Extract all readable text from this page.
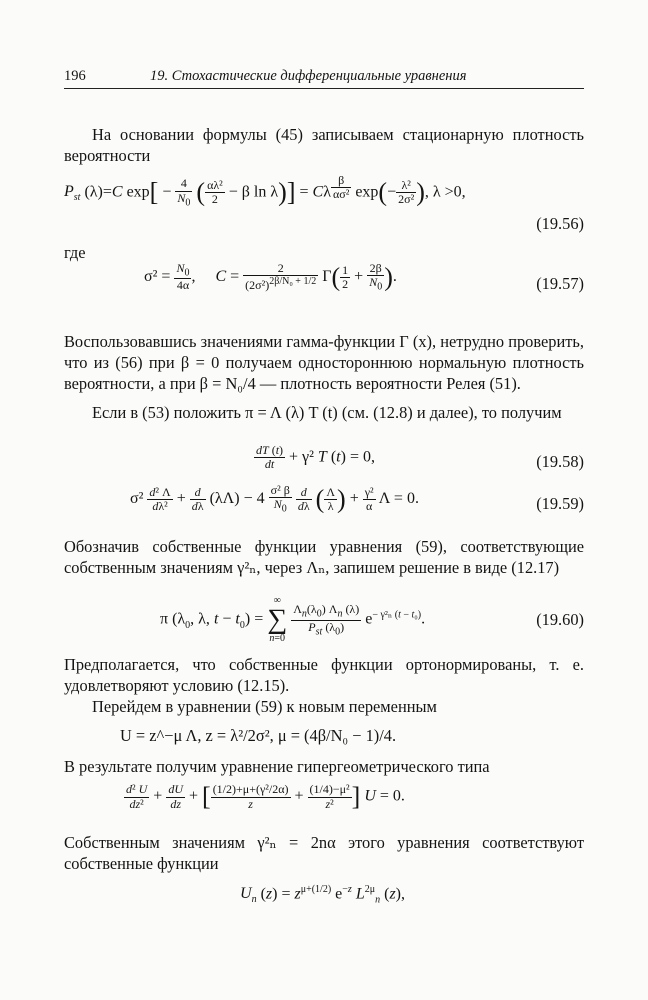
196	19. Стохастические дифференциальные уравнения

На основании формулы (45) записываем стационарную плотность вероятности

$P_{st}$ (λ)=C $\exp[ - \frac{4}{N_0}$ ( $\frac{\text{αλ²}}{2} - \beta$ ln λ)] = Cλ $^{\frac{\beta}{\text{ασ²}}}$ $\exp(- \frac{\text{λ²}}{\text{2σ²}}$ ), λ >0,
(19.56)

где

$\sigma^2 = \frac{N_0}{4\alpha}$ ,     $C = \frac{2}{(2\sigma^2)^{2\beta/N_0 + 1/2}} \Gamma( \frac{1}{2} + \frac{2\beta}{N_0}$ ).	(19.57)

Воспользовавшись значениями гамма-функции Γ (x), нетрудно проверить, что из (56) при β = 0 получаем одностороннюю нормальную плотность вероятности, а при β = N₀/4 — плотность вероятности Релея (51).

Если в (53) положить π = Λ (λ) T (t) (см. (12.8) и далее), то получим

$\frac{dT (t)}{dt} + \gamma^2$ T (t) = 0,	(19.58)
$\sigma^2 \frac{\text{d² Λ}}{\text{dλ²}} + \frac{d}{d\lambda} (\lambda\Lambda) - 4 \frac{\text{σ² β}}{N_0}$
$\frac{d}{d\lambda}$ ( $\frac{\Lambda}{\lambda}$ ) + $\frac{\text{γ²}}{\alpha}$ Λ = 0.	(19.59)

Обозначив собственные функции уравнения (59), соответствующие собственным значениям γ²ₙ, через Λₙ, запишем решение в виде (12.17)

π ($\lambda_0$, λ, $t - t_0$) =
∞
∑
n=0

$\frac{\Lambda_n(\lambda_0) \Lambda_n (\lambda)}{P_{st} (\lambda_0)} e^{- \gamma^2_n (t - t_0)}$.	(19.60)

Предполагается, что собственные функции ортонормированы, т. е. удовлетворяют условию (12.15).

Перейдем в уравнении (59) к новым переменным

U = z^−μ Λ, z = λ²/2σ², μ = (4β/N₀ − 1)/4.

В результате получим уравнение гипергеометрического типа

$\frac{\text{d² U}}{\text{dz²}} + \frac{dU}{dz}$ + [ $\frac{\text{(1/2)+μ+(γ²/2α)}}{z} + \frac{\text{(1/4)−μ²}}{\text{z²}}$ ] U = 0.

Собственным значениям γ²ₙ = 2nα этого уравнения соответствуют собственные функции

$U_n$ $(z) = z^{\mu+(1/2)}$ $e^{-z}$ $L^{2\mu}_n$ (z),
